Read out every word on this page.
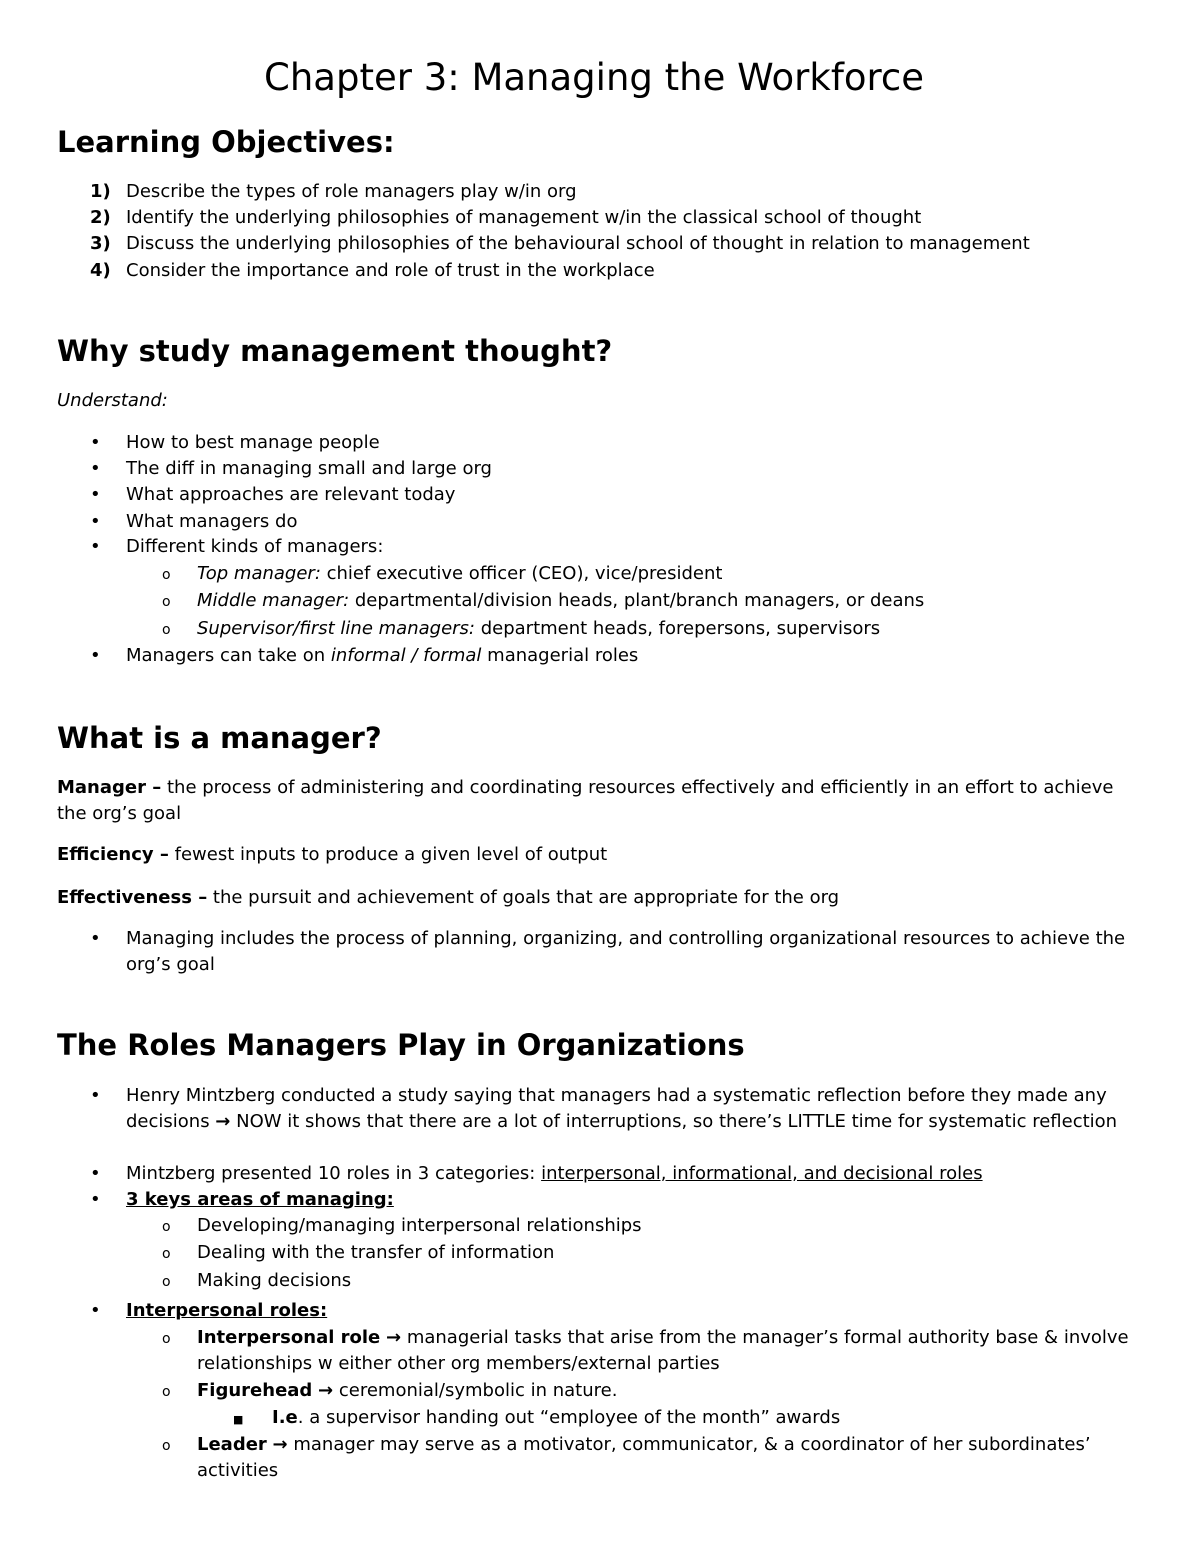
Chapter 3: Managing the Workforce
Learning Objectives:
1) Describe the types of role managers play w/in org

2) Identify the underlying philosophies of management w/in the classical school of thought

3) Discuss the underlying philosophies of the behavioural school of thought in relation to management

4) Consider the importance and role of trust in the workplace

Why study management thought?

Understand:

• How to best manage people

• The diff in managing small and large org

• What approaches are relevant today

• What managers do

• Different kinds of managers:

o Top manager: chief executive officer (CEO), vice/president

o Middle manager: departmental/division heads, plant/branch managers, or deans

o Supervisor/first line managers: department heads, forepersons, supervisors

• Managers can take on informal / formal managerial roles

What is a manager?

Manager – the process of administering and coordinating resources effectively and efficiently in an effort to achieve the org’s goal

Efficiency – fewest inputs to produce a given level of output

Effectiveness – the pursuit and achievement of goals that are appropriate for the org

• Managing includes the process of planning, organizing, and controlling organizational resources to achieve the org’s goal

The Roles Managers Play in Organizations
• Henry Mintzberg conducted a study saying that managers had a systematic reflection before they made any decisions → NOW it shows that there are a lot of interruptions, so there’s LITTLE time for systematic reflection

• Mintzberg presented 10 roles in 3 categories: interpersonal, informational, and decisional roles

• 3 keys areas of managing:

o Developing/managing interpersonal relationships

o Dealing with the transfer of information

o Making decisions

• Interpersonal roles:

o Interpersonal role → managerial tasks that arise from the manager’s formal authority base & involve relationships w either other org members/external parties

o Figurehead → ceremonial/symbolic in nature.

■ I.e. a supervisor handing out “employee of the month” awards

o Leader → manager may serve as a motivator, communicator, & a coordinator of her subordinates’ activities
